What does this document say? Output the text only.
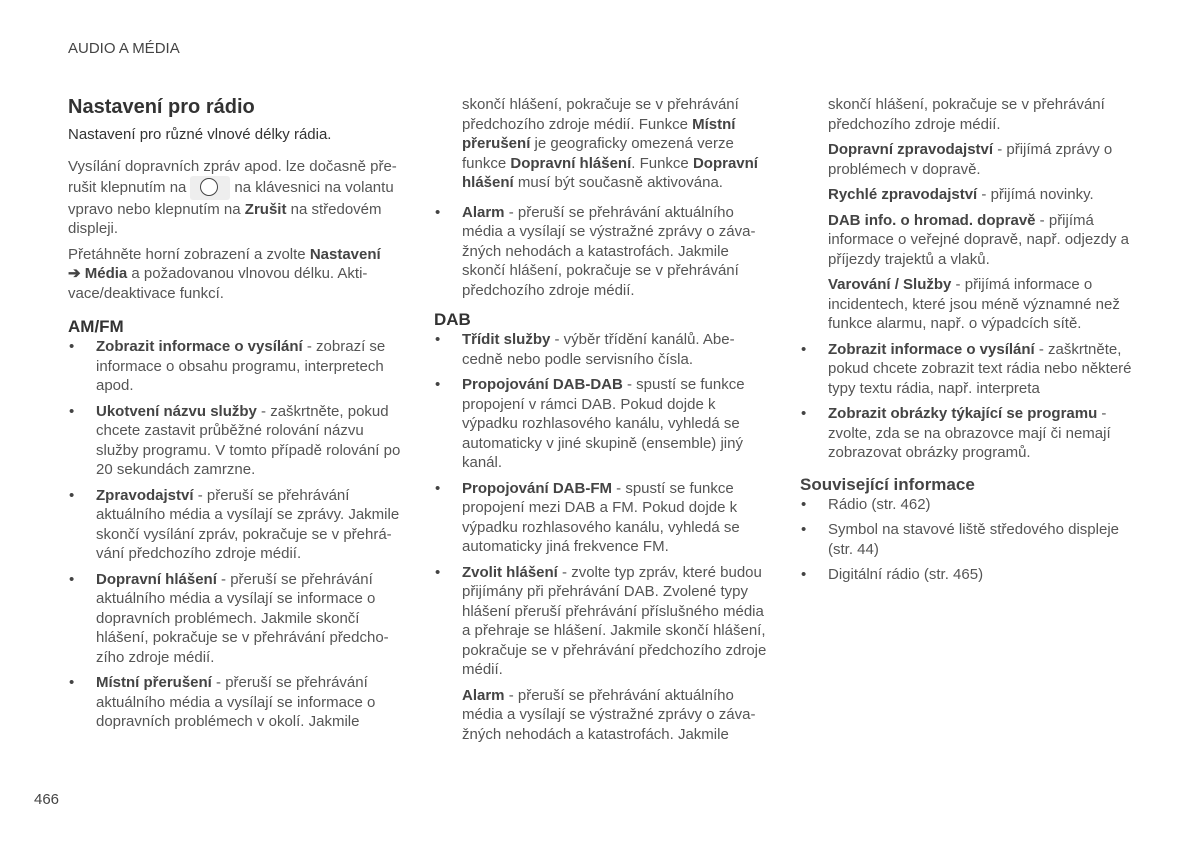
AUDIO A MÉDIA
Nastavení pro rádio

Nastavení pro různé vlnové délky rádia.

Vysílání dopravních zpráv apod. lze dočasně pře-
rušit klepnutím na	na klávesnici na volantu
vpravo nebo klepnutím na Zrušit na středovém
displeji.

Přetáhněte horní zobrazení a zvolte Nastavení
➔ Média a požadovanou vlnovou délku. Akti-
vace/deaktivace funkcí.

AM/FM
• Zobrazit informace o vysílání - zobrazí se informace o obsahu programu, interpretech apod.
• Ukotvení názvu služby - zaškrtněte, pokud chcete zastavit průběžné rolování názvu služby programu. V tomto případě rolování po 20 sekundách zamrzne.
• Zpravodajství - přeruší se přehrávání aktuálního média a vysílají se zprávy. Jakmile skončí vysílání zpráv, pokračuje se v přehrá-vání předchozího zdroje médií.
• Dopravní hlášení - přeruší se přehrávání aktuálního média a vysílají se informace o dopravních problémech. Jakmile skončí hlášení, pokračuje se v přehrávání předcho-zího zdroje médií.
• Místní přerušení - přeruší se přehrávání aktuálního média a vysílají se informace o dopravních problémech v okolí. Jakmile

skončí hlášení, pokračuje se v přehrávání předchozího zdroje médií. Funkce Místní přerušení je geograficky omezená verze funkce Dopravní hlášení. Funkce Dopravní hlášení musí být současně aktivována.

• Alarm - přeruší se přehrávání aktuálního média a vysílají se výstražné zprávy o záva-žných nehodách a katastrofách. Jakmile skončí hlášení, pokračuje se v přehrávání předchozího zdroje médií.
DAB
• Třídit služby - výběr třídění kanálů. Abe-cedně nebo podle servisního čísla.
• Propojování DAB-DAB - spustí se funkce propojení v rámci DAB. Pokud dojde k výpadku rozhlasového kanálu, vyhledá se automaticky v jiné skupině (ensemble) jiný kanál.
• Propojování DAB-FM - spustí se funkce propojení mezi DAB a FM. Pokud dojde k výpadku rozhlasového kanálu, vyhledá se automaticky jiná frekvence FM.
• Zvolit hlášení - zvolte typ zpráv, které budou přijímány při přehrávání DAB. Zvolené typy hlášení přeruší přehrávání příslušného média a přehraje se hlášení. Jakmile skončí hlášení, pokračuje se v přehrávání předchozího zdroje médií.

Alarm - přeruší se přehrávání aktuálního média a vysílají se výstražné zprávy o záva-žných nehodách a katastrofách. Jakmile

skončí hlášení, pokračuje se v přehrávání předchozího zdroje médií.

Dopravní zpravodajství - přijímá zprávy o problémech v dopravě.

Rychlé zpravodajství - přijímá novinky.

DAB info. o hromad. dopravě - přijímá informace o veřejné dopravě, např. odjezdy a příjezdy trajektů a vlaků.

Varování / Služby - přijímá informace o incidentech, které jsou méně významné než funkce alarmu, např. o výpadcích sítě.

• Zobrazit informace o vysílání - zaškrtněte, pokud chcete zobrazit text rádia nebo některé typy textu rádia, např. interpreta
• Zobrazit obrázky týkající se programu - zvolte, zda se na obrazovce mají či nemají zobrazovat obrázky programů.
Související informace
• Rádio (str. 462)
• Symbol na stavové liště středového displeje (str. 44)
• Digitální rádio (str. 465)
466
